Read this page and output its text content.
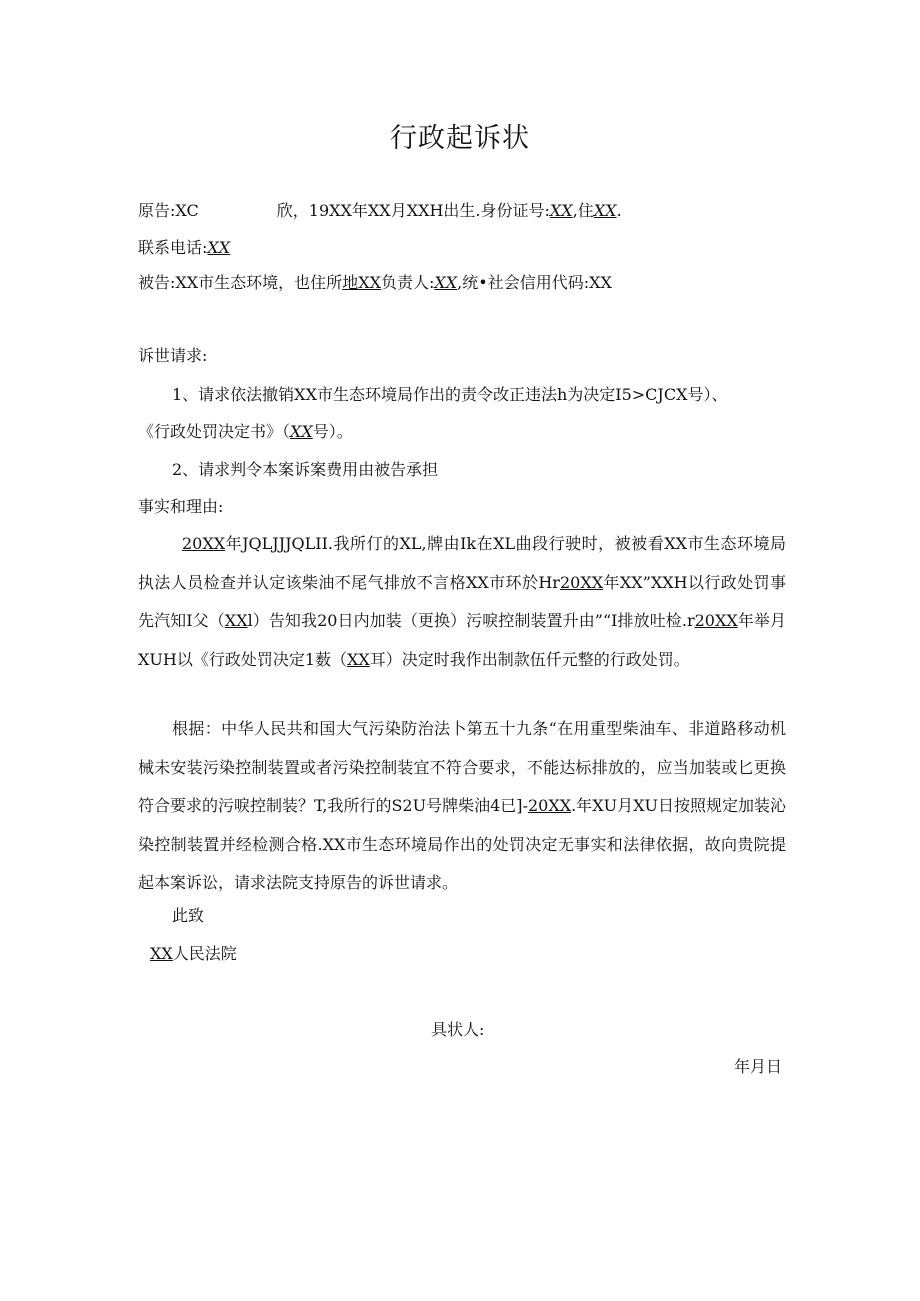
行政起诉状
原告:XC	欣，19XX年XX月XXH出生.身份证号:XX,住XX.
联系电话:XX
被告:XX市生态环境，也住所地XX负责人:XX,统•社会信用代码:XX
诉世请求:
1、请求依法撤销XX市生态环境局作出的责令改正违法h为决定I5>CJCX号）、
《行政处罚决定书》（XX号）。
2、请求判令本案诉案费用由被告承担
事实和理由:
20XX年JQLJJJQLII.我所仃的XL,牌由Ik在XL曲段行驶时，被被看XX市生态环境局执法人员检查并认定该柴油不尾气排放不言格XX市环於Hr20XX年XX”XXH以行政处罚事先汽知I父（XXl）告知我20日内加装（更换）污唳控制装置升由”“I排放吐检.r20XX年举月XUH以《行政处罚决定1薮（XX耳）决定时我作出制款伍仟元整的行政处罚。
根据：中华人民共和国大气污染防治法卜第五十九条“在用重型柴油车、非道路移动机械未安装污染控制装置或者污染控制装宜不符合要求，不能达标排放的，应当加装或匕更换符合要求的污唳控制装？T,我所行的S2U号牌柴油4已]-20XX.年XU月XU日按照规定加装沁染控制装置并经检测合格.XX市生态环境局作出的处罚决定无事实和法律依据，故向贵院提起本案诉讼，请求法院支持原告的诉世请求。
此致
XX人民法院
具状人:
年月日
